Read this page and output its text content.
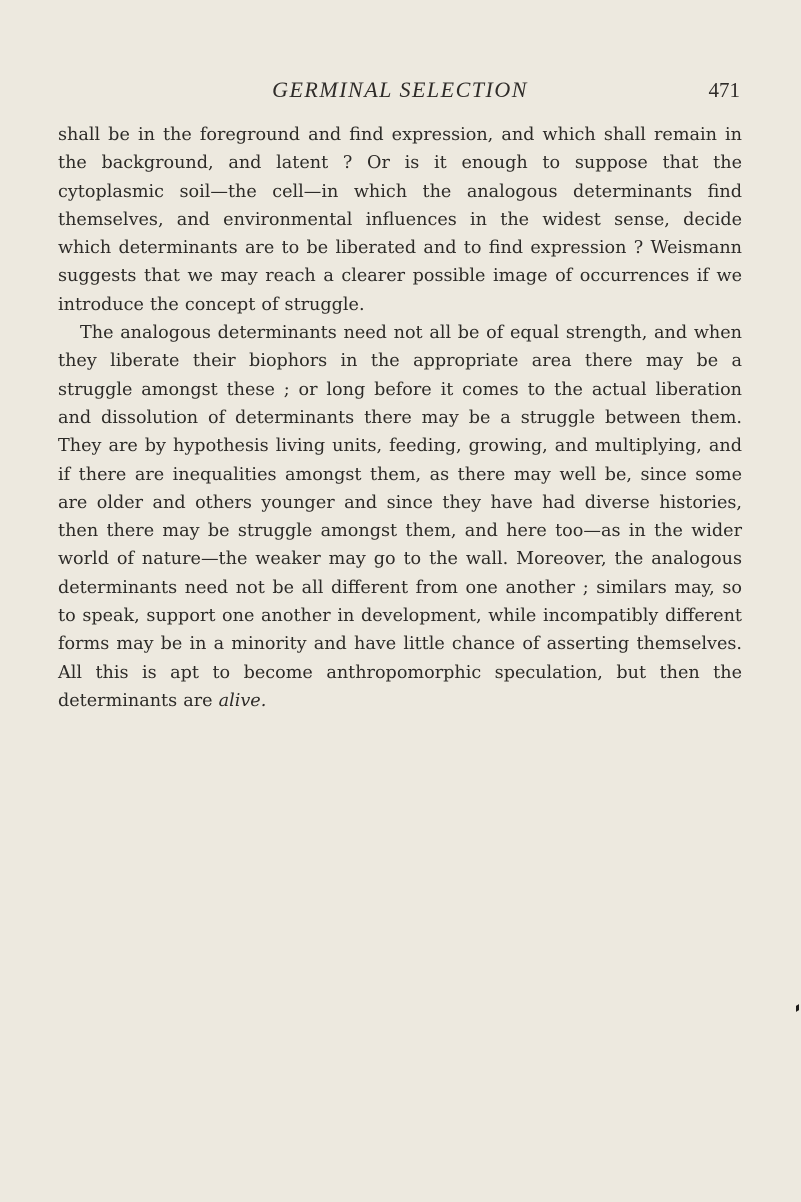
GERMINAL SELECTION	471

shall be in the foreground and find expression, and which shall remain in the background, and latent ? Or is it enough to suppose that the cytoplasmic soil—the cell—in which the analogous determinants find themselves, and environmental influences in the widest sense, decide which determinants are to be liberated and to find expression ? Weismann suggests that we may reach a clearer possible image of occurrences if we introduce the concept of struggle.

The analogous determinants need not all be of equal strength, and when they liberate their biophors in the appropriate area there may be a struggle amongst these ; or long before it comes to the actual liberation and dissolution of determinants there may be a struggle between them. They are by hypothesis living units, feeding, growing, and multiplying, and if there are inequalities amongst them, as there may well be, since some are older and others younger and since they have had diverse histories, then there may be struggle amongst them, and here too—as in the wider world of nature—the weaker may go to the wall. Moreover, the analogous determinants need not be all different from one another ; similars may, so to speak, support one another in development, while incompatibly different forms may be in a minority and have little chance of asserting themselves. All this is apt to become anthropomorphic speculation, but then the determinants are alive.
